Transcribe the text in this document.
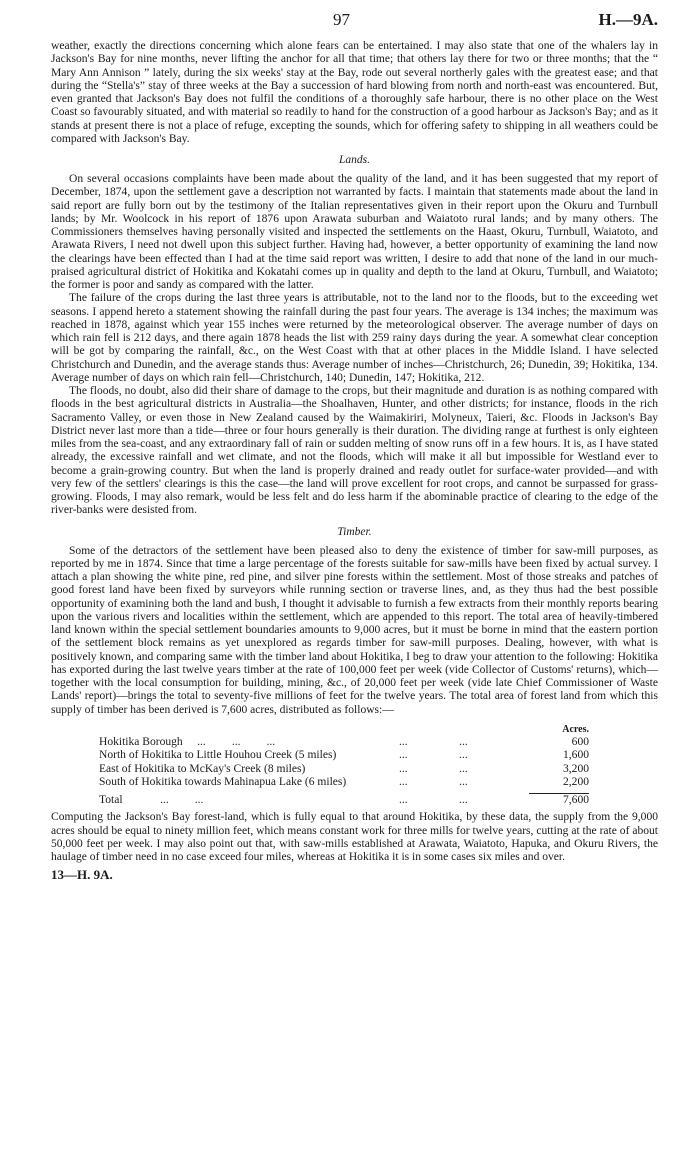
97	H.—9A.

weather, exactly the directions concerning which alone fears can be entertained. I may also state that one of the whalers lay in Jackson's Bay for nine months, never lifting the anchor for all that time; that others lay there for two or three months; that the “ Mary Ann Annison ” lately, during the six weeks' stay at the Bay, rode out several northerly gales with the greatest ease; and that during the “Stella's” stay of three weeks at the Bay a succession of hard blowing from north and north-east was encountered. But, even granted that Jackson's Bay does not fulfil the conditions of a thoroughly safe harbour, there is no other place on the West Coast so favourably situated, and with material so readily to hand for the construction of a good harbour as Jackson's Bay; and as it stands at present there is not a place of refuge, excepting the sounds, which for offering safety to shipping in all weathers could be compared with Jackson's Bay.

Lands.

On several occasions complaints have been made about the quality of the land, and it has been suggested that my report of December, 1874, upon the settlement gave a description not warranted by facts. I maintain that statements made about the land in said report are fully born out by the testimony of the Italian representatives given in their report upon the Okuru and Turnbull lands; by Mr. Woolcock in his report of 1876 upon Arawata suburban and Waiatoto rural lands; and by many others. The Commissioners themselves having personally visited and inspected the settlements on the Haast, Okuru, Turnbull, Waiatoto, and Arawata Rivers, I need not dwell upon this subject further. Having had, however, a better opportunity of examining the land now the clearings have been effected than I had at the time said report was written, I desire to add that none of the land in our much-praised agricultural district of Hokitika and Kokatahi comes up in quality and depth to the land at Okuru, Turnbull, and Waiatoto; the former is poor and sandy as compared with the latter.

The failure of the crops during the last three years is attributable, not to the land nor to the floods, but to the exceeding wet seasons. I append hereto a statement showing the rainfall during the past four years. The average is 134 inches; the maximum was reached in 1878, against which year 155 inches were returned by the meteorological observer. The average number of days on which rain fell is 212 days, and there again 1878 heads the list with 259 rainy days during the year. A somewhat clear conception will be got by comparing the rainfall, &c., on the West Coast with that at other places in the Middle Island. I have selected Christchurch and Dunedin, and the average stands thus: Average number of inches—Christchurch, 26; Dunedin, 39; Hokitika, 134. Average number of days on which rain fell—Christchurch, 140; Dunedin, 147; Hokitika, 212.

The floods, no doubt, also did their share of damage to the crops, but their magnitude and duration is as nothing compared with floods in the best agricultural districts in Australia—the Shoalhaven, Hunter, and other districts; for instance, floods in the rich Sacramento Valley, or even those in New Zealand caused by the Waimakiriri, Molyneux, Taieri, &c. Floods in Jackson's Bay District never last more than a tide—three or four hours generally is their duration. The dividing range at furthest is only eighteen miles from the sea-coast, and any extraordinary fall of rain or sudden melting of snow runs off in a few hours. It is, as I have stated already, the excessive rainfall and wet climate, and not the floods, which will make it all but impossible for Westland ever to become a grain-growing country. But when the land is properly drained and ready outlet for surface-water provided—and with very few of the settlers' clearings is this the case—the land will prove excellent for root crops, and cannot be surpassed for grass-growing. Floods, I may also remark, would be less felt and do less harm if the abominable practice of clearing to the edge of the river-banks were desisted from.

Timber.

Some of the detractors of the settlement have been pleased also to deny the existence of timber for saw-mill purposes, as reported by me in 1874. Since that time a large percentage of the forests suitable for saw-mills have been fixed by actual survey. I attach a plan showing the white pine, red pine, and silver pine forests within the settlement. Most of those streaks and patches of good forest land have been fixed by surveyors while running section or traverse lines, and, as they thus had the best possible opportunity of examining both the land and bush, I thought it advisable to furnish a few extracts from their monthly reports bearing upon the various rivers and localities within the settlement, which are appended to this report. The total area of heavily-timbered land known within the special settlement boundaries amounts to 9,000 acres, but it must be borne in mind that the eastern portion of the settlement block remains as yet unexplored as regards timber for saw-mill purposes. Dealing, however, with what is positively known, and comparing same with the timber land about Hokitika, I beg to draw your attention to the following: Hokitika has exported during the last twelve years timber at the rate of 100,000 feet per week (vide Collector of Customs' returns), which—together with the local consumption for building, mining, &c., of 20,000 feet per week (vide late Chief Commissioner of Waste Lands' report)—brings the total to seventy-five millions of feet for the twelve years. The total area of forest land from which this supply of timber has been derived is 7,600 acres, distributed as follows:—

			Acres.
Hokitika Borough ... ... ...	...	...	600
North of Hokitika to Little Houhou Creek (5 miles)	...	...	1,600
East of Hokitika to McKay's Creek (8 miles)	...	...	3,200
South of Hokitika towards Mahinapua Lake (6 miles)	...	...	2,200

Total ... ...	...	...	7,600

Computing the Jackson's Bay forest-land, which is fully equal to that around Hokitika, by these data, the supply from the 9,000 acres should be equal to ninety million feet, which means constant work for three mills for twelve years, cutting at the rate of about 50,000 feet per week. I may also point out that, with saw-mills established at Arawata, Waiatoto, Hapuka, and Okuru Rivers, the haulage of timber need in no case exceed four miles, whereas at Hokitika it is in some cases six miles and over.

13—H. 9A.
